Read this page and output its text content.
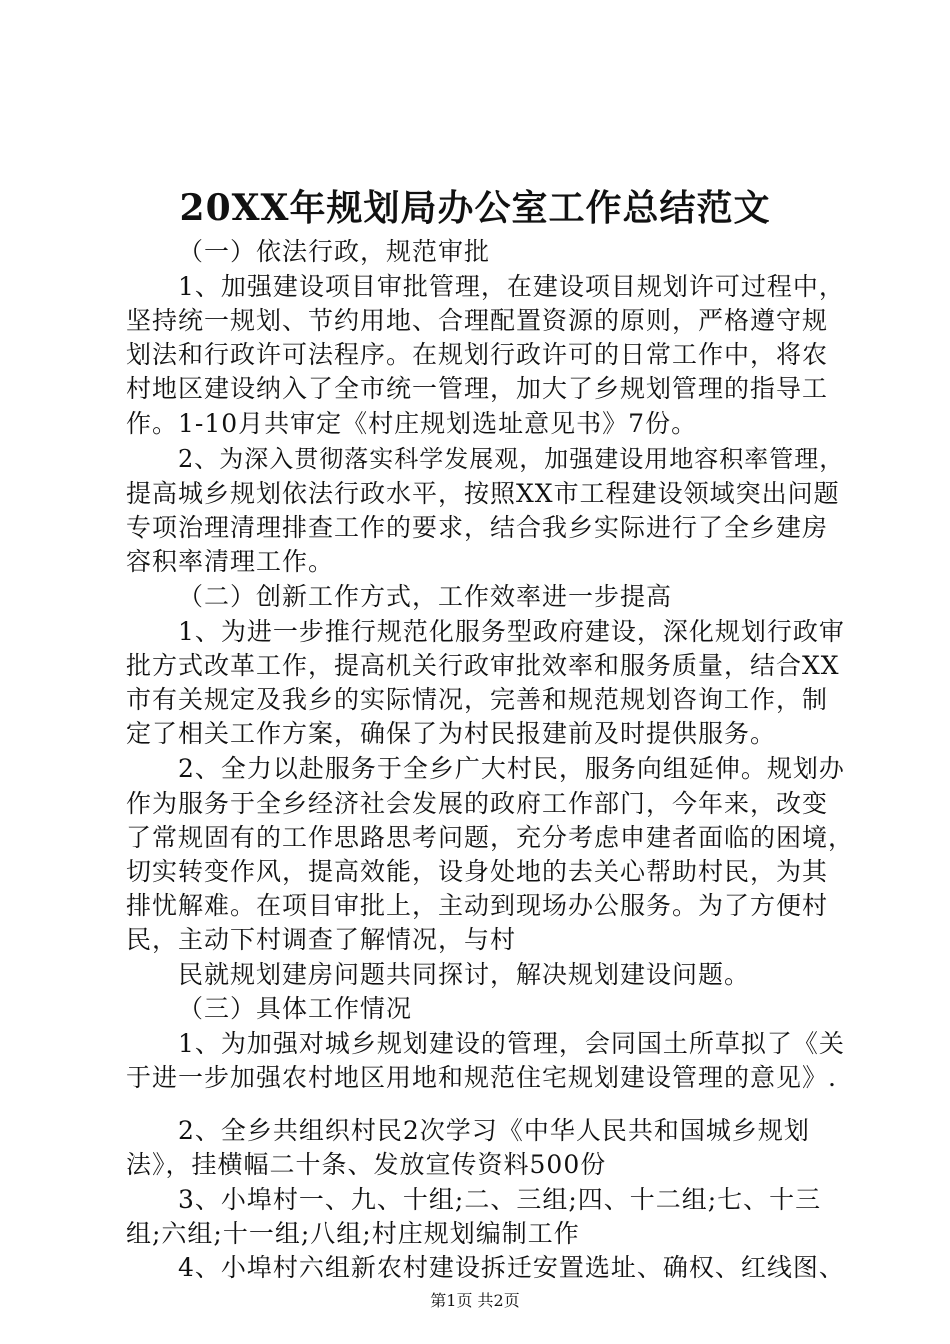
20XX年规划局办公室工作总结范文
（一）依法行政，规范审批
1、加强建设项目审批管理，在建设项目规划许可过程中，
坚持统一规划、节约用地、合理配置资源的原则，严格遵守规
划法和行政许可法程序。在规划行政许可的日常工作中，将农
村地区建设纳入了全市统一管理，加大了乡规划管理的指导工
作。1-10月共审定《村庄规划选址意见书》7份。
2、为深入贯彻落实科学发展观，加强建设用地容积率管理，
提高城乡规划依法行政水平，按照XX市工程建设领域突出问题
专项治理清理排查工作的要求，结合我乡实际进行了全乡建房
容积率清理工作。
（二）创新工作方式，工作效率进一步提高
1、为进一步推行规范化服务型政府建设，深化规划行政审
批方式改革工作，提高机关行政审批效率和服务质量，结合XX
市有关规定及我乡的实际情况，完善和规范规划咨询工作，制
定了相关工作方案，确保了为村民报建前及时提供服务。
2、全力以赴服务于全乡广大村民，服务向组延伸。规划办
作为服务于全乡经济社会发展的政府工作部门，今年来，改变
了常规固有的工作思路思考问题，充分考虑申建者面临的困境，
切实转变作风，提高效能，设身处地的去关心帮助村民，为其
排忧解难。在项目审批上，主动到现场办公服务。为了方便村
民，主动下村调查了解情况，与村
民就规划建房问题共同探讨，解决规划建设问题。
（三）具体工作情况
1、为加强对城乡规划建设的管理，会同国土所草拟了《关
于进一步加强农村地区用地和规范住宅规划建设管理的意见》.
2、全乡共组织村民2次学习《中华人民共和国城乡规划
法》，挂横幅二十条、发放宣传资料500份
3、小埠村一、九、十组;二、三组;四、十二组;七、十三
组;六组;十一组;八组;村庄规划编制工作
4、小埠村六组新农村建设拆迁安置选址、确权、红线图、
第1页 共2页
